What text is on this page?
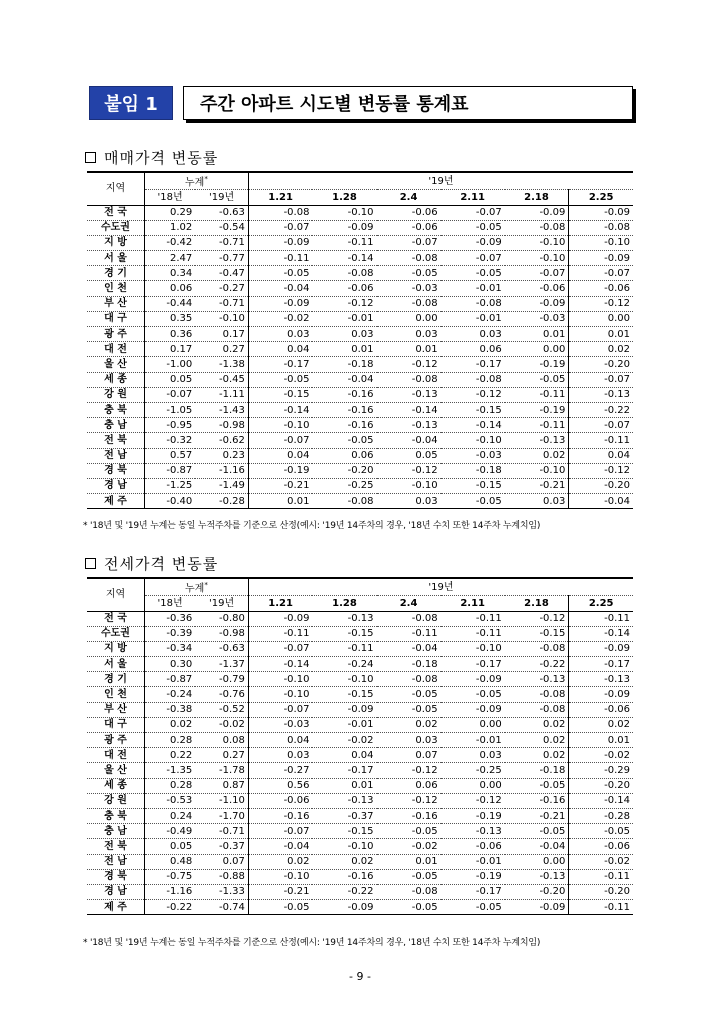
붙임 1	주간 아파트 시도별 변동률 통계표
매매가격 변동률
지역	누계*		'19년					
	'18년	'19년	1.21	1.28	2.4	2.11	2.18	2.25
전 국	0.29	-0.63	-0.08	-0.10	-0.06	-0.07	-0.09	-0.09
수도권	1.02	-0.54	-0.07	-0.09	-0.06	-0.05	-0.08	-0.08
지 방	-0.42	-0.71	-0.09	-0.11	-0.07	-0.09	-0.10	-0.10
서 울	2.47	-0.77	-0.11	-0.14	-0.08	-0.07	-0.10	-0.09
경 기	0.34	-0.47	-0.05	-0.08	-0.05	-0.05	-0.07	-0.07
인 천	0.06	-0.27	-0.04	-0.06	-0.03	-0.01	-0.06	-0.06
부 산	-0.44	-0.71	-0.09	-0.12	-0.08	-0.08	-0.09	-0.12
대 구	0.35	-0.10	-0.02	-0.01	0.00	-0.01	-0.03	0.00
광 주	0.36	0.17	0.03	0.03	0.03	0.03	0.01	0.01
대 전	0.17	0.27	0.04	0.01	0.01	0.06	0.00	0.02
울 산	-1.00	-1.38	-0.17	-0.18	-0.12	-0.17	-0.19	-0.20
세 종	0.05	-0.45	-0.05	-0.04	-0.08	-0.08	-0.05	-0.07
강 원	-0.07	-1.11	-0.15	-0.16	-0.13	-0.12	-0.11	-0.13
충 북	-1.05	-1.43	-0.14	-0.16	-0.14	-0.15	-0.19	-0.22
충 남	-0.95	-0.98	-0.10	-0.16	-0.13	-0.14	-0.11	-0.07
전 북	-0.32	-0.62	-0.07	-0.05	-0.04	-0.10	-0.13	-0.11
전 남	0.57	0.23	0.04	0.06	0.05	-0.03	0.02	0.04
경 북	-0.87	-1.16	-0.19	-0.20	-0.12	-0.18	-0.10	-0.12
경 남	-1.25	-1.49	-0.21	-0.25	-0.10	-0.15	-0.21	-0.20
제 주	-0.40	-0.28	0.01	-0.08	0.03	-0.05	0.03	-0.04
* '18년 및 '19년 누계는 동일 누적주차를 기준으로 산정(예시: '19년 14주차의 경우, '18년 수치 또한 14주차 누계치임)
전세가격 변동률
지역	누계*		'19년					
	'18년	'19년	1.21	1.28	2.4	2.11	2.18	2.25
전 국	-0.36	-0.80	-0.09	-0.13	-0.08	-0.11	-0.12	-0.11
수도권	-0.39	-0.98	-0.11	-0.15	-0.11	-0.11	-0.15	-0.14
지 방	-0.34	-0.63	-0.07	-0.11	-0.04	-0.10	-0.08	-0.09
서 울	0.30	-1.37	-0.14	-0.24	-0.18	-0.17	-0.22	-0.17
경 기	-0.87	-0.79	-0.10	-0.10	-0.08	-0.09	-0.13	-0.13
인 천	-0.24	-0.76	-0.10	-0.15	-0.05	-0.05	-0.08	-0.09
부 산	-0.38	-0.52	-0.07	-0.09	-0.05	-0.09	-0.08	-0.06
대 구	0.02	-0.02	-0.03	-0.01	0.02	0.00	0.02	0.02
광 주	0.28	0.08	0.04	-0.02	0.03	-0.01	0.02	0.01
대 전	0.22	0.27	0.03	0.04	0.07	0.03	0.02	-0.02
울 산	-1.35	-1.78	-0.27	-0.17	-0.12	-0.25	-0.18	-0.29
세 종	0.28	0.87	0.56	0.01	0.06	0.00	-0.05	-0.20
강 원	-0.53	-1.10	-0.06	-0.13	-0.12	-0.12	-0.16	-0.14
충 북	0.24	-1.70	-0.16	-0.37	-0.16	-0.19	-0.21	-0.28
충 남	-0.49	-0.71	-0.07	-0.15	-0.05	-0.13	-0.05	-0.05
전 북	0.05	-0.37	-0.04	-0.10	-0.02	-0.06	-0.04	-0.06
전 남	0.48	0.07	0.02	0.02	0.01	-0.01	0.00	-0.02
경 북	-0.75	-0.88	-0.10	-0.16	-0.05	-0.19	-0.13	-0.11
경 남	-1.16	-1.33	-0.21	-0.22	-0.08	-0.17	-0.20	-0.20
제 주	-0.22	-0.74	-0.05	-0.09	-0.05	-0.05	-0.09	-0.11
* '18년 및 '19년 누계는 동일 누적주차를 기준으로 산정(예시: '19년 14주차의 경우, '18년 수치 또한 14주차 누계치임)
- 9 -
